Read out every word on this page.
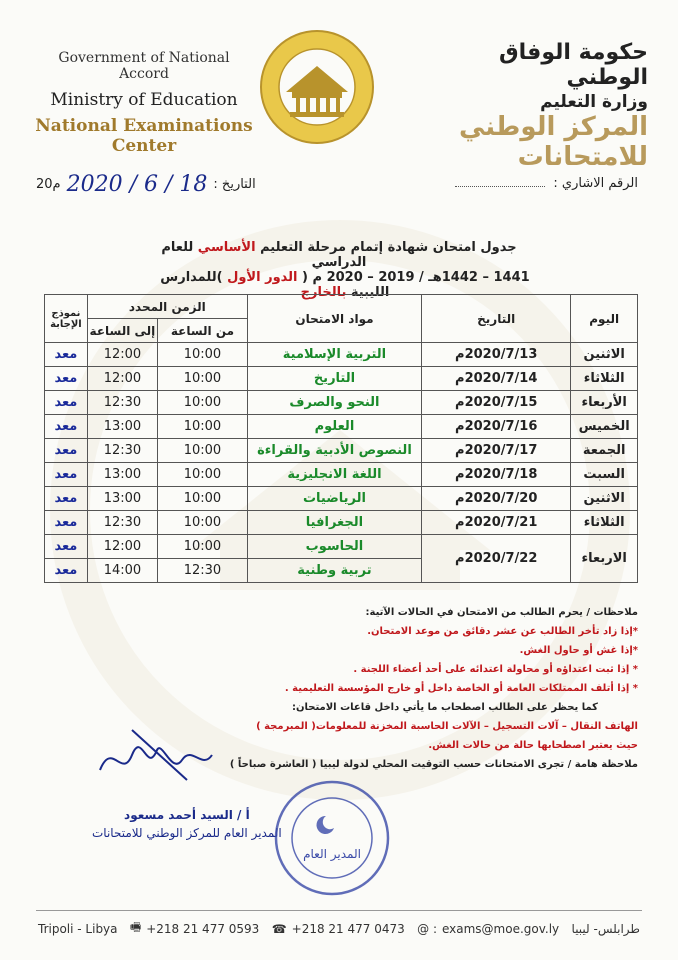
Government of National Accord
Ministry of Education
National Examinations Center
حكومة الوفاق الوطني
وزارة التعليم
المركز الوطني للامتحانات
التاريخ :
18 / 6 / 2020
م20	الرقم الاشاري :
جدول امتحان شهادة إتمام مرحلة التعليم الأساسي للعام الدراسي
1441 – 1442هـ / 2019 – 2020 م ( الدور الأول )للمدارس الليبية بالخارج
اليوم	التاريخ	مواد الامتحان	الزمن المحدد		نموذج الإجابة
			من الساعة	إلى الساعة	
الاثنين	2020/7/13م	التربية الإسلامية	10:00	12:00	معد
الثلاثاء	2020/7/14م	التاريخ	10:00	12:00	معد
الأربعاء	2020/7/15م	النحو والصرف	10:00	12:30	معد
الخميس	2020/7/16م	العلوم	10:00	13:00	معد
الجمعة	2020/7/17م	النصوص الأدبية والقراءة	10:00	12:30	معد
السبت	2020/7/18م	اللغة الانجليزية	10:00	13:00	معد
الاثنين	2020/7/20م	الرياضيات	10:00	13:00	معد
الثلاثاء	2020/7/21م	الجغرافيا	10:00	12:30	معد
الاربعاء	2020/7/22م	الحاسوب	10:00	12:00	معد
		تربية وطنية	12:30	14:00	معد
ملاحظات / يحرم الطالب من الامتحان في الحالات الآتية:
*إذا زاد تأخر الطالب عن عشر دقائق من موعد الامتحان.
*إذا غش أو حاول الغش.
* إذا ثبت اعتداؤه أو محاولة اعتدائه على أحد أعضاء اللجنة .
* إذا أتلف الممتلكات العامة أو الخاصة داخل أو خارج المؤسسة التعليمية .
كما يحظر على الطالب اصطحاب ما يأتي داخل قاعات الامتحان:
الهاتف النقال – آلات التسجيل – الآلات الحاسبة المخزنة للمعلومات( المبرمجة )
حيث يعتبر اصطحابها حالة من حالات الغش.
ملاحظة هامة / تجرى الامتحانات حسب التوقيت المحلي لدولة ليبيا ( العاشرة صباحاً )
أ / السيد أحمد مسعود
المدير العام للمركز الوطني للامتحانات
المدير العام
Tripoli - Libya 🖷 +218 21 477 0593 ☎ +218 21 477 0473 @ : exams@moe.gov.ly طرابلس- ليبيا
